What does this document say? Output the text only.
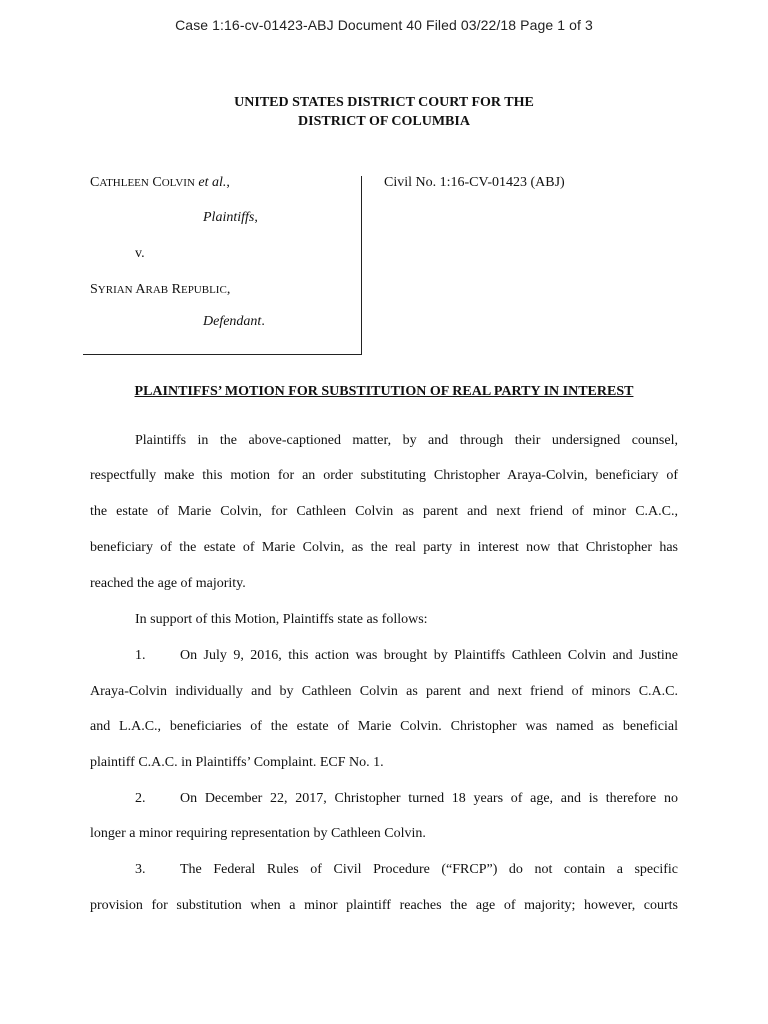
Case 1:16-cv-01423-ABJ Document 40 Filed 03/22/18 Page 1 of 3
UNITED STATES DISTRICT COURT FOR THE
DISTRICT OF COLUMBIA
CATHLEEN COLVIN et al.,
Plaintiffs,
v.
SYRIAN ARAB REPUBLIC,
Defendant.
Civil No. 1:16-CV-01423 (ABJ)
PLAINTIFFS’ MOTION FOR SUBSTITUTION OF REAL PARTY IN INTEREST
Plaintiffs in the above-captioned matter, by and through their undersigned counsel,
respectfully make this motion for an order substituting Christopher Araya-Colvin, beneficiary of
the estate of Marie Colvin, for Cathleen Colvin as parent and next friend of minor C.A.C.,
beneficiary of the estate of Marie Colvin, as the real party in interest now that Christopher has
reached the age of majority.
In support of this Motion, Plaintiffs state as follows:
1. On July 9, 2016, this action was brought by Plaintiffs Cathleen Colvin and Justine
Araya-Colvin individually and by Cathleen Colvin as parent and next friend of minors C.A.C.
and L.A.C., beneficiaries of the estate of Marie Colvin. Christopher was named as beneficial
plaintiff C.A.C. in Plaintiffs’ Complaint. ECF No. 1.
2. On December 22, 2017, Christopher turned 18 years of age, and is therefore no
longer a minor requiring representation by Cathleen Colvin.
3. The Federal Rules of Civil Procedure (“FRCP”) do not contain a specific
provision for substitution when a minor plaintiff reaches the age of majority; however, courts
